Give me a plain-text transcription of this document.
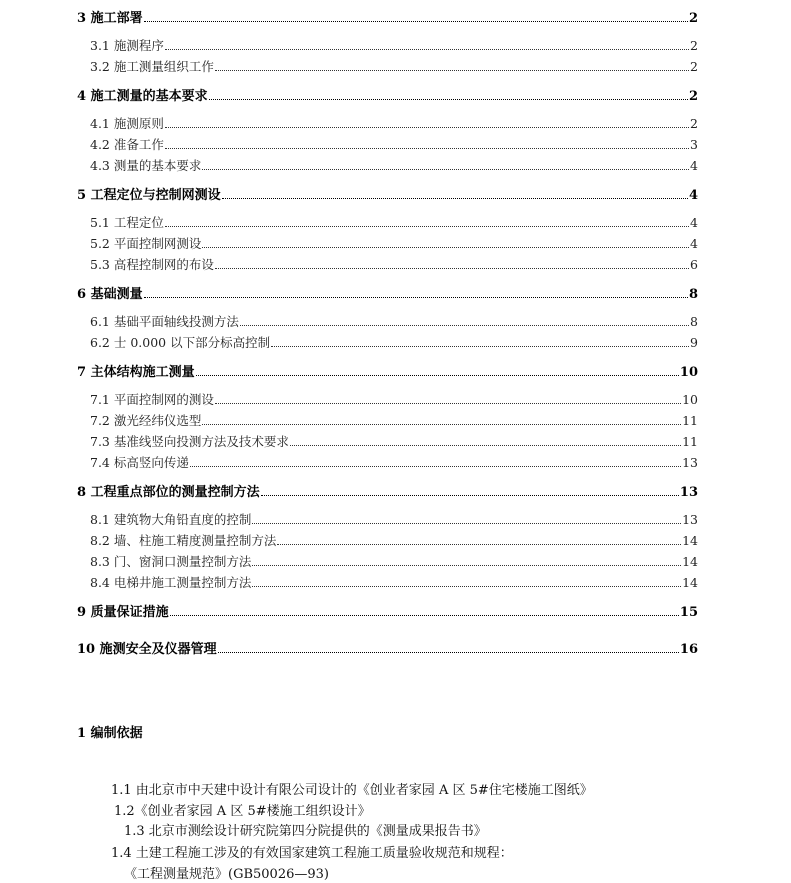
3 施工部署	2
3.1 施测程序	2
3.2 施工测量组织工作	2
4 施工测量的基本要求	2
4.1 施测原则	2
4.2 准备工作	3
4.3 测量的基本要求	4
5 工程定位与控制网测设	4
5.1 工程定位	4
5.2 平面控制网测设	4
5.3 高程控制网的布设	6
6 基础测量	8
6.1 基础平面轴线投测方法	8
6.2 士 0.000 以下部分标高控制	9
7 主体结构施工测量	10
7.1 平面控制网的测设	10
7.2 激光经纬仪选型	11
7.3 基准线竖向投测方法及技术要求	11
7.4 标高竖向传递	13
8 工程重点部位的测量控制方法	13
8.1 建筑物大角铅直度的控制	13
8.2 墙、柱施工精度测量控制方法	14
8.3 门、窗洞口测量控制方法	14
8.4 电梯井施工测量控制方法	14
9 质量保证措施	15
10 施测安全及仪器管理	16
1 编制依据
1.1 由北京市中天建中设计有限公司设计的《创业者家园 A 区 5#住宅楼施工图纸》
1.2《创业者家园 A 区 5#楼施工组织设计》
1.3 北京市测绘设计研究院第四分院提供的《测量成果报告书》
1.4 土建工程施工涉及的有效国家建筑工程施工质量验收规范和规程：
《工程测量规范》(GB50026—93)
